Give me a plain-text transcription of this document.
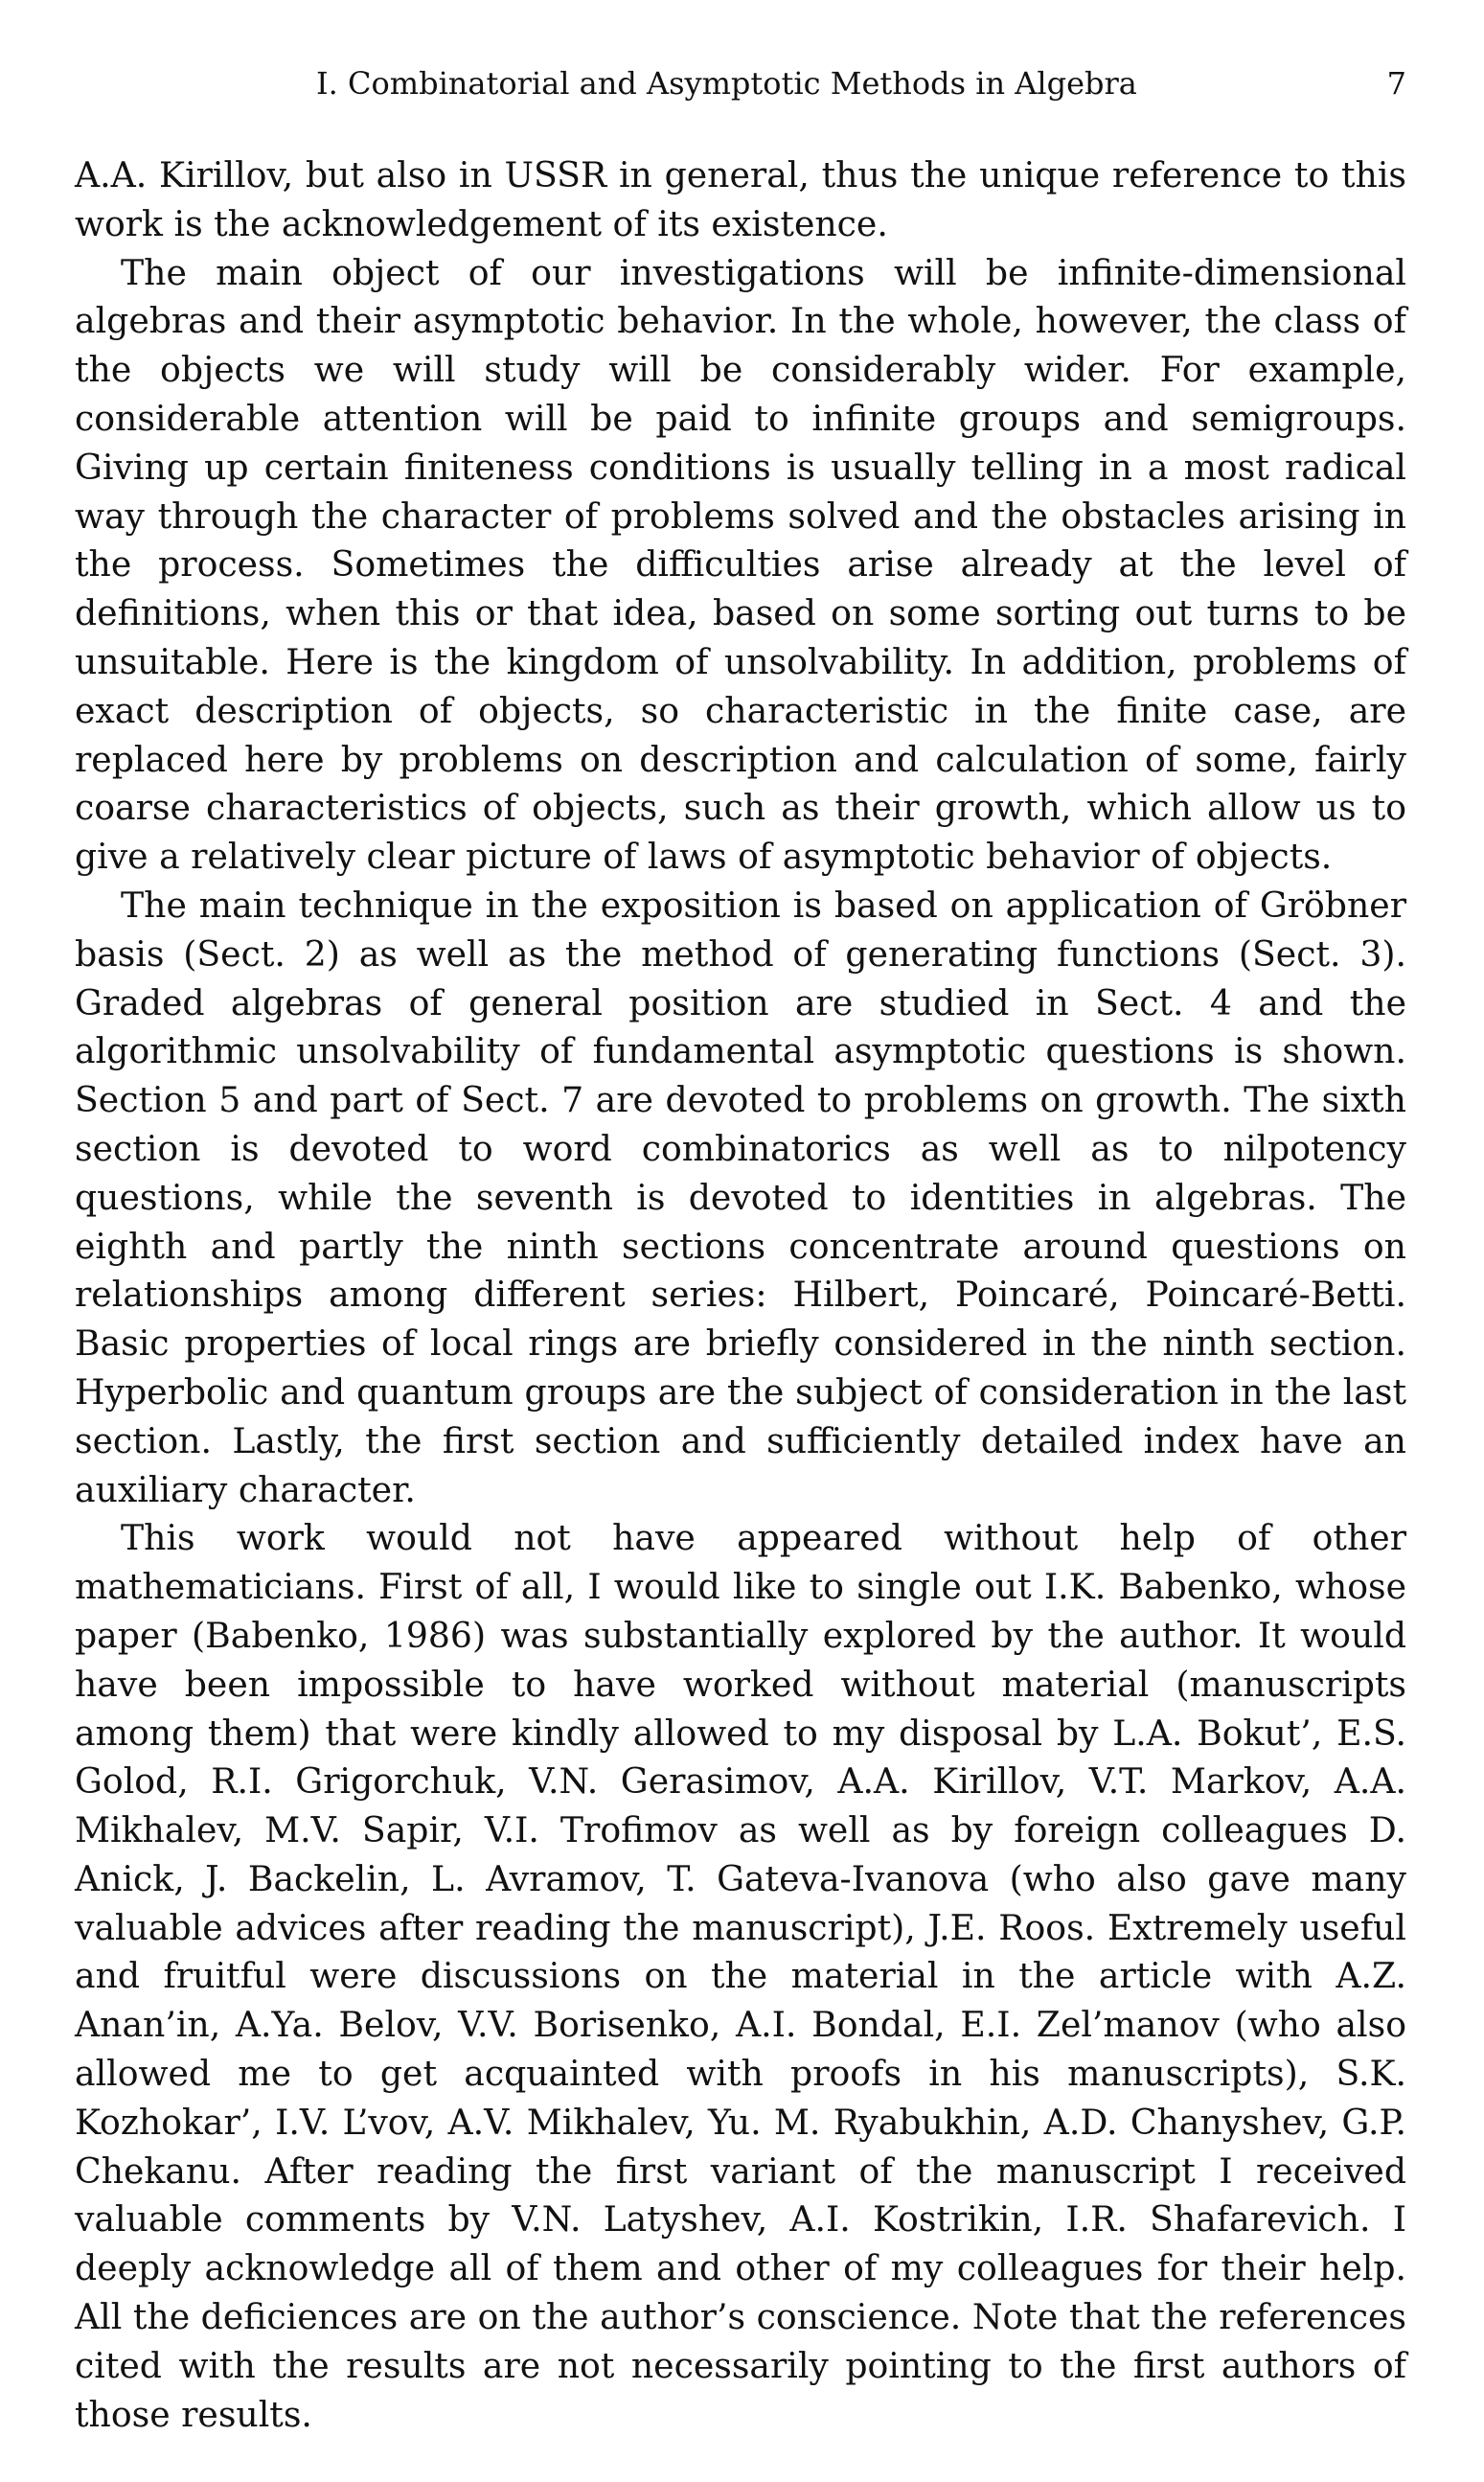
I. Combinatorial and Asymptotic Methods in Algebra	7

A.A. Kirillov, but also in USSR in general, thus the unique reference to this work is the acknowledgement of its existence.

The main object of our investigations will be infinite-dimensional algebras and their asymptotic behavior. In the whole, however, the class of the objects we will study will be considerably wider. For example, considerable attention will be paid to infinite groups and semigroups. Giving up certain finiteness conditions is usually telling in a most radical way through the character of problems solved and the obstacles arising in the process. Sometimes the difficulties arise already at the level of definitions, when this or that idea, based on some sorting out turns to be unsuitable. Here is the kingdom of unsolvability. In addition, problems of exact description of objects, so characteristic in the finite case, are replaced here by problems on description and calculation of some, fairly coarse characteristics of objects, such as their growth, which allow us to give a relatively clear picture of laws of asymptotic behavior of objects.

The main technique in the exposition is based on application of Gröbner basis (Sect. 2) as well as the method of generating functions (Sect. 3). Graded algebras of general position are studied in Sect. 4 and the algorithmic unsolvability of fundamental asymptotic questions is shown. Section 5 and part of Sect. 7 are devoted to problems on growth. The sixth section is devoted to word combinatorics as well as to nilpotency questions, while the seventh is devoted to identities in algebras. The eighth and partly the ninth sections concentrate around questions on relationships among different series: Hilbert, Poincaré, Poincaré-Betti. Basic properties of local rings are briefly considered in the ninth section. Hyperbolic and quantum groups are the subject of consideration in the last section. Lastly, the first section and sufficiently detailed index have an auxiliary character.

This work would not have appeared without help of other mathematicians. First of all, I would like to single out I.K. Babenko, whose paper (Babenko, 1986) was substantially explored by the author. It would have been impossible to have worked without material (manuscripts among them) that were kindly allowed to my disposal by L.A. Bokut’, E.S. Golod, R.I. Grigorchuk, V.N. Gerasimov, A.A. Kirillov, V.T. Markov, A.A. Mikhalev, M.V. Sapir, V.I. Trofimov as well as by foreign colleagues D. Anick, J. Backelin, L. Avramov, T. Gateva-Ivanova (who also gave many valuable advices after reading the manuscript), J.E. Roos. Extremely useful and fruitful were discussions on the material in the article with A.Z. Anan’in, A.Ya. Belov, V.V. Borisenko, A.I. Bondal, E.I. Zel’manov (who also allowed me to get acquainted with proofs in his manuscripts), S.K. Kozhokar’, I.V. L’vov, A.V. Mikhalev, Yu. M. Ryabukhin, A.D. Chanyshev, G.P. Chekanu. After reading the first variant of the manuscript I received valuable comments by V.N. Latyshev, A.I. Kostrikin, I.R. Shafarevich. I deeply acknowledge all of them and other of my colleagues for their help. All the deficiences are on the author’s conscience. Note that the references cited with the results are not necessarily pointing to the first authors of those results.
